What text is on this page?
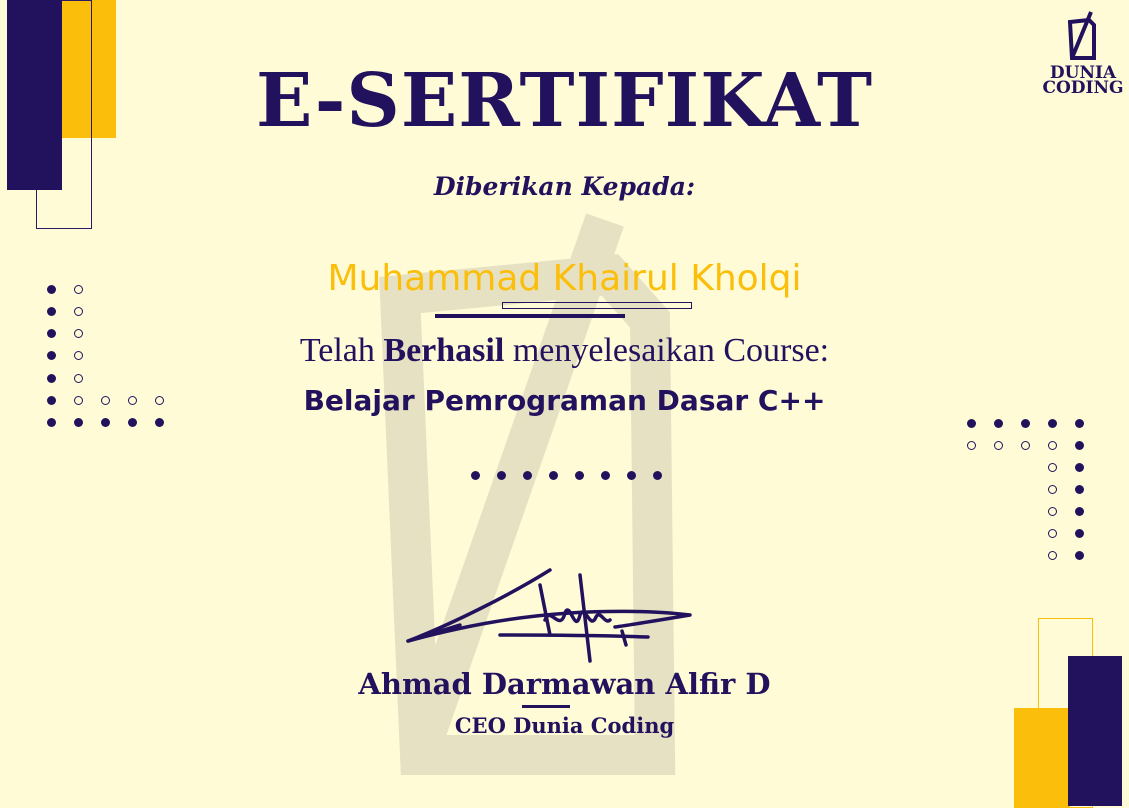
DUNIA
CODING
E-SERTIFIKAT
Diberikan Kepada:
Muhammad Khairul Kholqi
Telah Berhasil menyelesaikan Course:
Belajar Pemrograman Dasar C++
Ahmad Darmawan Alfir D
CEO Dunia Coding
